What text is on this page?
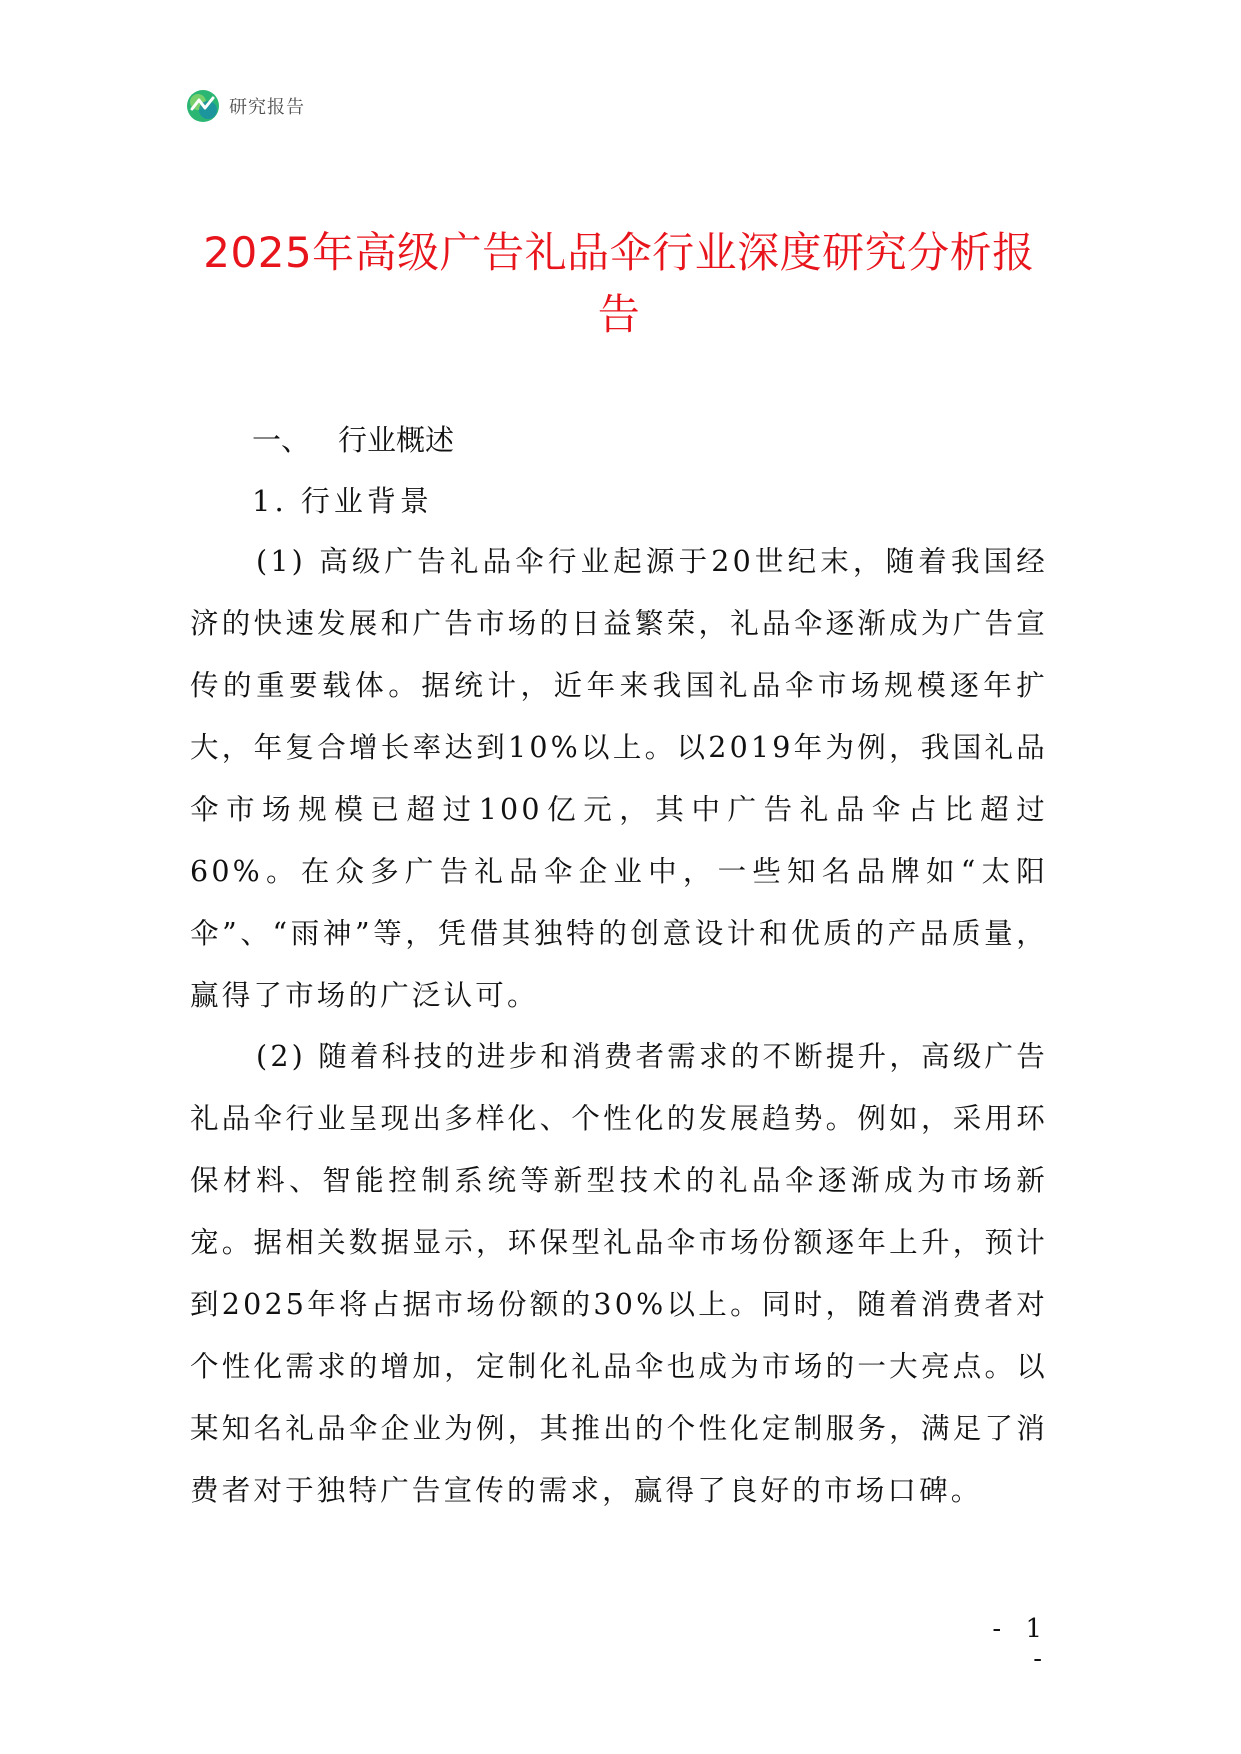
研究报告
2025年高级广告礼品伞行业深度研究分析报告
一、 行业概述
1. 行业背景

(1) 高级广告礼品伞行业起源于20世纪末，随着我国经济的快速发展和广告市场的日益繁荣，礼品伞逐渐成为广告宣传的重要载体。据统计，近年来我国礼品伞市场规模逐年扩大，年复合增长率达到10%以上。以2019年为例，我国礼品伞市场规模已超过100亿元，其中广告礼品伞占比超过60%。在众多广告礼品伞企业中，一些知名品牌如“太阳伞”、“雨神”等，凭借其独特的创意设计和优质的产品质量，赢得了市场的广泛认可。

(2) 随着科技的进步和消费者需求的不断提升，高级广告礼品伞行业呈现出多样化、个性化的发展趋势。例如，采用环保材料、智能控制系统等新型技术的礼品伞逐渐成为市场新宠。据相关数据显示，环保型礼品伞市场份额逐年上升，预计到2025年将占据市场份额的30%以上。同时，随着消费者对个性化需求的增加，定制化礼品伞也成为市场的一大亮点。以某知名礼品伞企业为例，其推出的个性化定制服务，满足了消费者对于独特广告宣传的需求，赢得了良好的市场口碑。

- 1 -
